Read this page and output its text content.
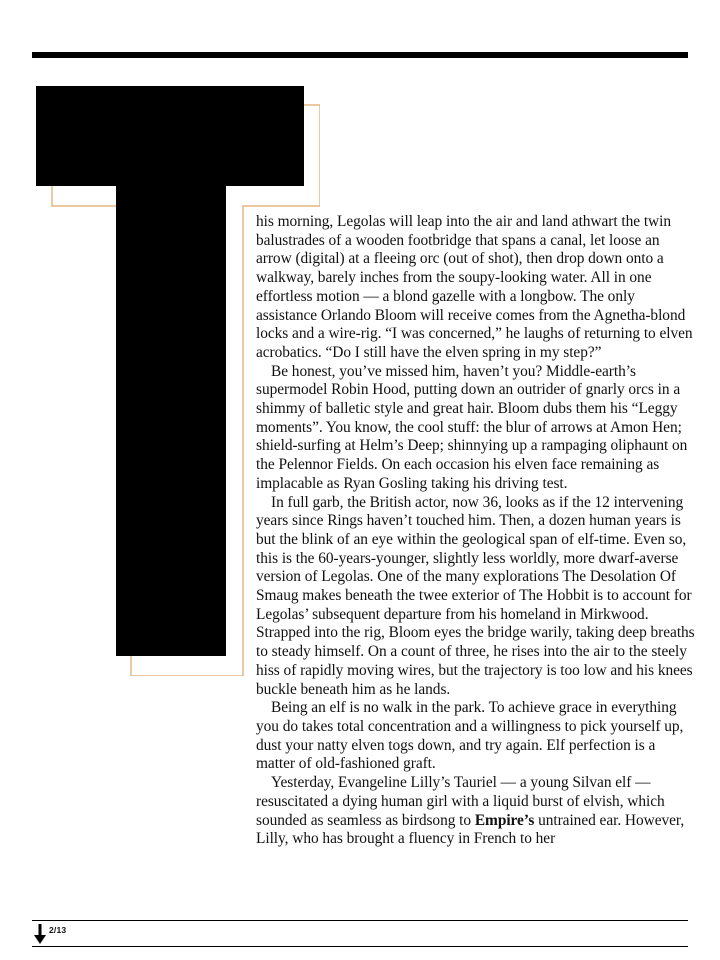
his morning, Legolas will leap into the air and land athwart the twin balustrades of a wooden footbridge that spans a canal, let loose an arrow (digital) at a fleeing orc (out of shot), then drop down onto a walkway, barely inches from the soupy-looking water. All in one effortless motion — a blond gazelle with a longbow. The only assistance Orlando Bloom will receive comes from the Agnetha-blond locks and a wire-rig. “I was concerned,” he laughs of returning to elven acrobatics. “Do I still have the elven spring in my step?”

Be honest, you’ve missed him, haven’t you? Middle-earth’s supermodel Robin Hood, putting down an outrider of gnarly orcs in a shimmy of balletic style and great hair. Bloom dubs them his “Leggy moments”. You know, the cool stuff: the blur of arrows at Amon Hen; shield-surfing at Helm’s Deep; shinnying up a rampaging oliphaunt on the Pelennor Fields. On each occasion his elven face remaining as implacable as Ryan Gosling taking his driving test.

In full garb, the British actor, now 36, looks as if the 12 intervening years since Rings haven’t touched him. Then, a dozen human years is but the blink of an eye within the geological span of elf-time. Even so, this is the 60-years-younger, slightly less worldly, more dwarf-averse version of Legolas. One of the many explorations The Desolation Of Smaug makes beneath the twee exterior of The Hobbit is to account for Legolas’ subsequent departure from his homeland in Mirkwood. Strapped into the rig, Bloom eyes the bridge warily, taking deep breaths to steady himself. On a count of three, he rises into the air to the steely hiss of rapidly moving wires, but the trajectory is too low and his knees buckle beneath him as he lands.

Being an elf is no walk in the park. To achieve grace in everything you do takes total concentration and a willingness to pick yourself up, dust your natty elven togs down, and try again. Elf perfection is a matter of old-fashioned graft.

Yesterday, Evangeline Lilly’s Tauriel — a young Silvan elf — resuscitated a dying human girl with a liquid burst of elvish, which sounded as seamless as birdsong to Empire’s untrained ear. However, Lilly, who has brought a fluency in French to her

2/13
